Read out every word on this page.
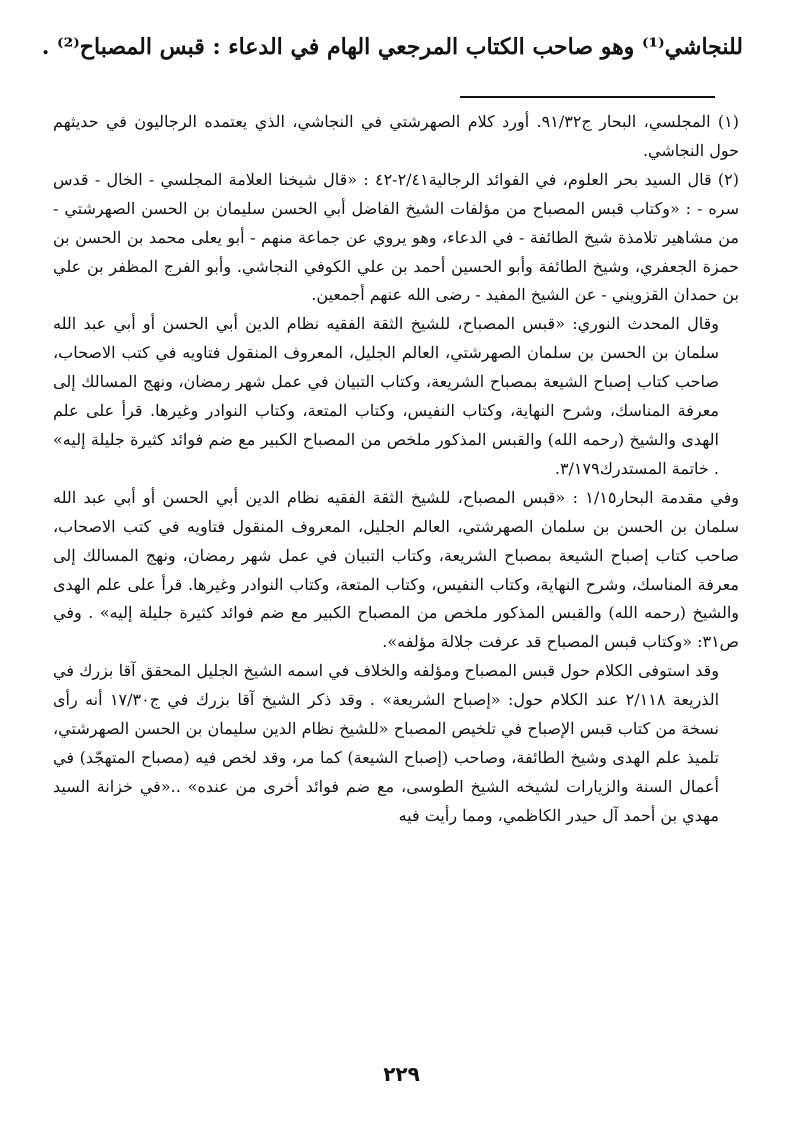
للنجاشي⁽¹⁾ وهو صاحب الكتاب المرجعي الهام في الدعاء : قبس المصباح⁽²⁾ .

(١) المجلسي، البحار ج٩١/٣٢. أورد كلام الصهرشتي في النجاشي، الذي يعتمده الرجاليون في حديثهم حول النجاشي.

(٢) قال السيد بحر العلوم، في الفوائد الرجالية٢/٤١-٤٢ : «قال شيخنا العلامة المجلسي - الخال - قدس سره - : «وكتاب قبس المصباح من مؤلفات الشيخ الفاضل أبي الحسن سليمان بن الحسن الصهرشتي - من مشاهير تلامذة شيخ الطائفة - في الدعاء، وهو يروي عن جماعة منهم - أبو يعلى محمد بن الحسن بن حمزة الجعفري، وشيخ الطائفة وأبو الحسين أحمد بن علي الكوفي النجاشي. وأبو الفرج المظفر بن علي بن حمدان القزويني - عن الشيخ المفيد - رضى الله عنهم أجمعين.

وقال المحدث النوري: «قبس المصباح، للشيخ الثقة الفقيه نظام الدين أبي الحسن أو أبي عبد الله سلمان بن الحسن بن سلمان الصهرشتي، العالم الجليل، المعروف المنقول فتاويه في كتب الاصحاب، صاحب كتاب إصباح الشيعة بمصباح الشريعة، وكتاب التبيان في عمل شهر رمضان، ونهج المسالك إلى معرفة المناسك، وشرح النهاية، وكتاب النفيس، وكتاب المتعة، وكتاب النوادر وغيرها. قرأ على علم الهدى والشيخ (رحمه الله) والقبس المذكور ملخص من المصباح الكبير مع ضم فوائد كثيرة جليلة إليه» . خاتمة المستدرك٣/١٧٩.

وفي مقدمة البحار١/١٥ : «قبس المصباح، للشيخ الثقة الفقيه نظام الدين أبي الحسن أو أبي عبد الله سلمان بن الحسن بن سلمان الصهرشتي، العالم الجليل، المعروف المنقول فتاويه في كتب الاصحاب، صاحب كتاب إصباح الشيعة بمصباح الشريعة، وكتاب التبيان في عمل شهر رمضان، ونهج المسالك إلى معرفة المناسك، وشرح النهاية، وكتاب النفيس، وكتاب المتعة، وكتاب النوادر وغيرها. قرأ على علم الهدى والشيخ (رحمه الله) والقبس المذكور ملخص من المصباح الكبير مع ضم فوائد كثيرة جليلة إليه» . وفي ص٣١: «وكتاب قبس المصباح قد عرفت جلالة مؤلفه».

وقد استوفى الكلام حول قبس المصباح ومؤلفه والخلاف في اسمه الشيخ الجليل المحقق آقا بزرك في الذريعة ٢/١١٨ عند الكلام حول: «إصباح الشريعة» . وقد ذكر الشيخ آقا بزرك في ج١٧/٣٠ أنه رأى نسخة من كتاب قبس الإصباح في تلخيص المصباح «للشيخ نظام الدين سليمان بن الحسن الصهرشتي، تلميذ علم الهدى وشيخ الطائفة، وصاحب (إصباح الشيعة) كما مر، وقد لخص فيه (مصباح المتهجّد) في أعمال السنة والزيارات لشيخه الشيخ الطوسى، مع ضم فوائد أخرى من عنده» ..«في خزانة السيد مهدي بن أحمد آل حيدر الكاظمي، ومما رأيت فيه

٢٢٩
